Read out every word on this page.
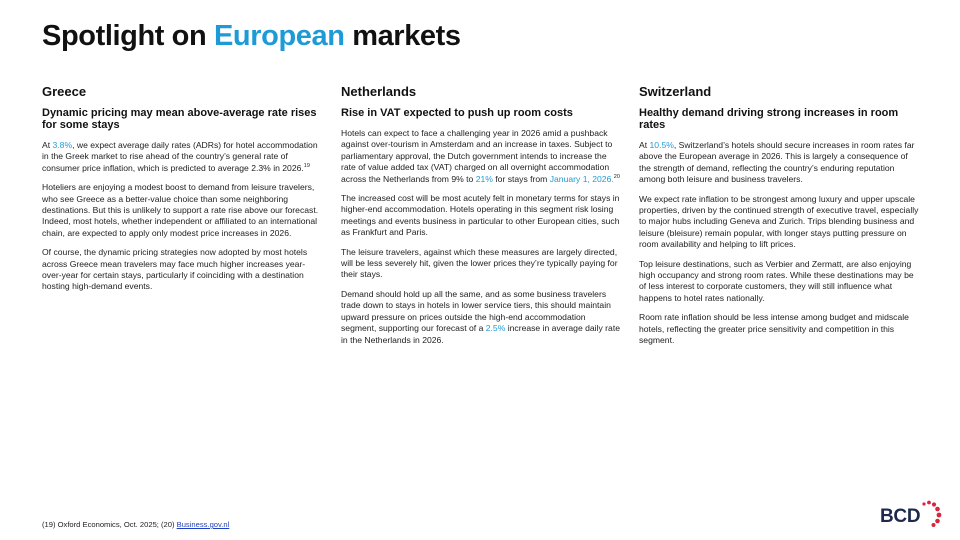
Spotlight on European markets
Greece
Dynamic pricing may mean above-average rate rises for some stays

At 3.8%, we expect average daily rates (ADRs) for hotel accommodation in the Greek market to rise ahead of the country’s general rate of consumer price inflation, which is predicted to average 2.3% in 2026.19

Hoteliers are enjoying a modest boost to demand from leisure travelers, who see Greece as a better-value choice than some neighboring destinations. But this is unlikely to support a rate rise above our forecast. Indeed, most hotels, whether independent or affiliated to an international chain, are expected to apply only modest price increases in 2026.

Of course, the dynamic pricing strategies now adopted by most hotels across Greece mean travelers may face much higher increases year-over-year for certain stays, particularly if coinciding with a destination hosting high-demand events.

Netherlands
Rise in VAT expected to push up room costs

Hotels can expect to face a challenging year in 2026 amid a pushback against over-tourism in Amsterdam and an increase in taxes. Subject to parliamentary approval, the Dutch government intends to increase the rate of value added tax (VAT) charged on all overnight accommodation across the Netherlands from 9% to 21% for stays from January 1, 2026.20

The increased cost will be most acutely felt in monetary terms for stays in higher-end accommodation. Hotels operating in this segment risk losing meetings and events business in particular to other European cities, such as Frankfurt and Paris.

The leisure travelers, against which these measures are largely directed, will be less severely hit, given the lower prices they’re typically paying for their stays.

Demand should hold up all the same, and as some business travelers trade down to stays in hotels in lower service tiers, this should maintain upward pressure on prices outside the high-end accommodation segment, supporting our forecast of a 2.5% increase in average daily rate in the Netherlands in 2026.

Switzerland
Healthy demand driving strong increases in room rates

At 10.5%, Switzerland’s hotels should secure increases in room rates far above the European average in 2026. This is largely a consequence of the strength of demand, reflecting the country’s enduring reputation among both leisure and business travelers.

We expect rate inflation to be strongest among luxury and upper upscale properties, driven by the continued strength of executive travel, especially to major hubs including Geneva and Zurich. Trips blending business and leisure (bleisure) remain popular, with longer stays putting pressure on room availability and helping to lift prices.

Top leisure destinations, such as Verbier and Zermatt, are also enjoying high occupancy and strong room rates. While these destinations may be of less interest to corporate customers, they will still influence what happens to hotel rates nationally.

Room rate inflation should be less intense among budget and midscale hotels, reflecting the greater price sensitivity and competition in this segment.

(19) Oxford Economics, Oct. 2025; (20) Business.gov.nl	BCD
